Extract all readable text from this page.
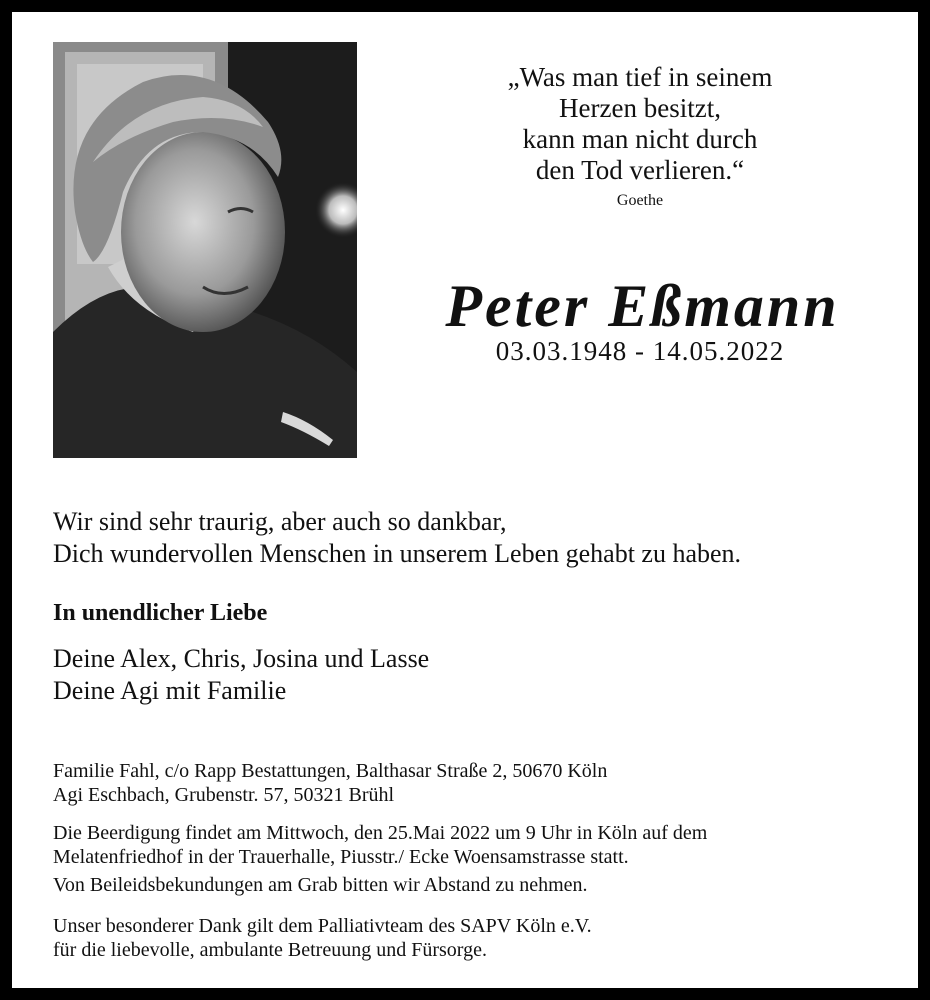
„Was man tief in seinem
Herzen besitzt,
kann man nicht durch
den Tod verlieren.“
Goethe
Peter Eßmann
03.03.1948 - 14.05.2022
Wir sind sehr traurig, aber auch so dankbar,
Dich wundervollen Menschen in unserem Leben gehabt zu haben.
In unendlicher Liebe
Deine Alex, Chris, Josina und Lasse
Deine Agi mit Familie
Familie Fahl, c/o Rapp Bestattungen, Balthasar Straße 2, 50670 Köln
Agi Eschbach, Grubenstr. 57, 50321 Brühl
Die Beerdigung findet am Mittwoch, den 25.Mai 2022 um 9 Uhr in Köln auf dem
Melatenfriedhof in der Trauerhalle, Piusstr./ Ecke Woensamstrasse statt.
Von Beileidsbekundungen am Grab bitten wir Abstand zu nehmen.
Unser besonderer Dank gilt dem Palliativteam des SAPV Köln e.V.
für die liebevolle, ambulante Betreuung und Fürsorge.
